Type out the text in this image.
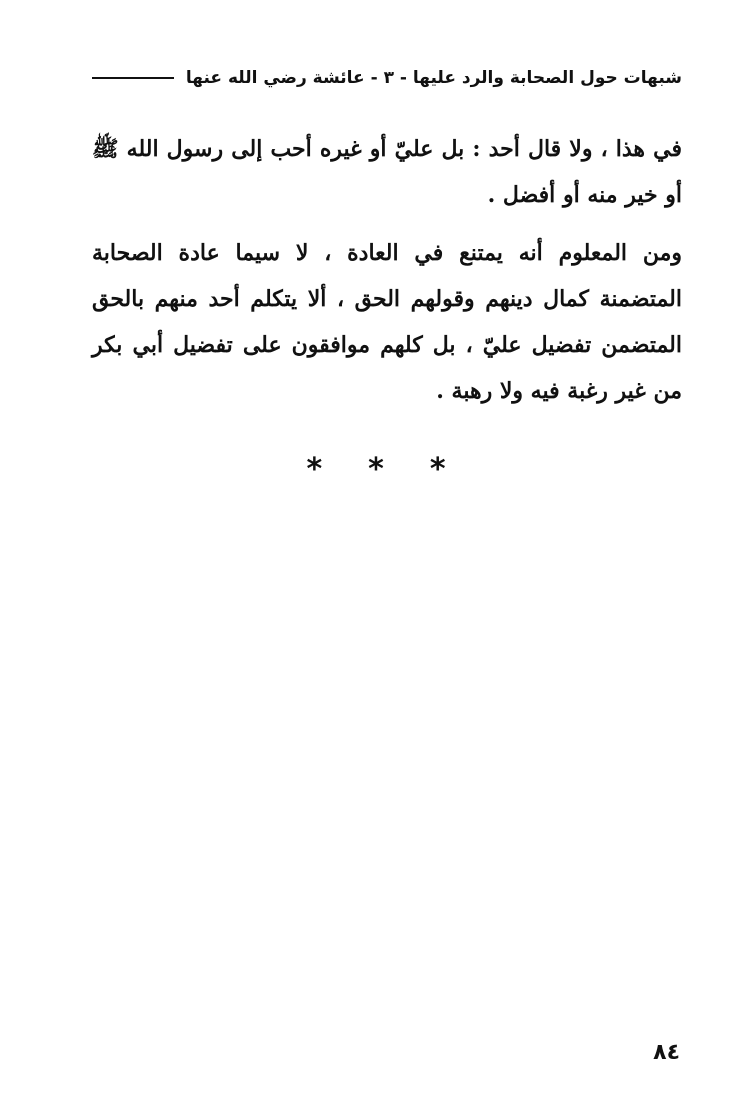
شبهات حول الصحابة والرد عليها - ٣ - عائشة رضي الله عنها

في هذا ، ولا قال أحد : بل عليّ أو غيره أحب إلى رسول الله ﷺ أو خير منه أو أفضل .

ومن المعلوم أنه يمتنع في العادة ، لا سيما عادة الصحابة المتضمنة كمال دينهم وقولهم الحق ، ألا يتكلم أحد منهم بالحق المتضمن تفضيل عليّ ، بل كلهم موافقون على تفضيل أبي بكر من غير رغبة فيه ولا رهبة .

* * *
٨٤
